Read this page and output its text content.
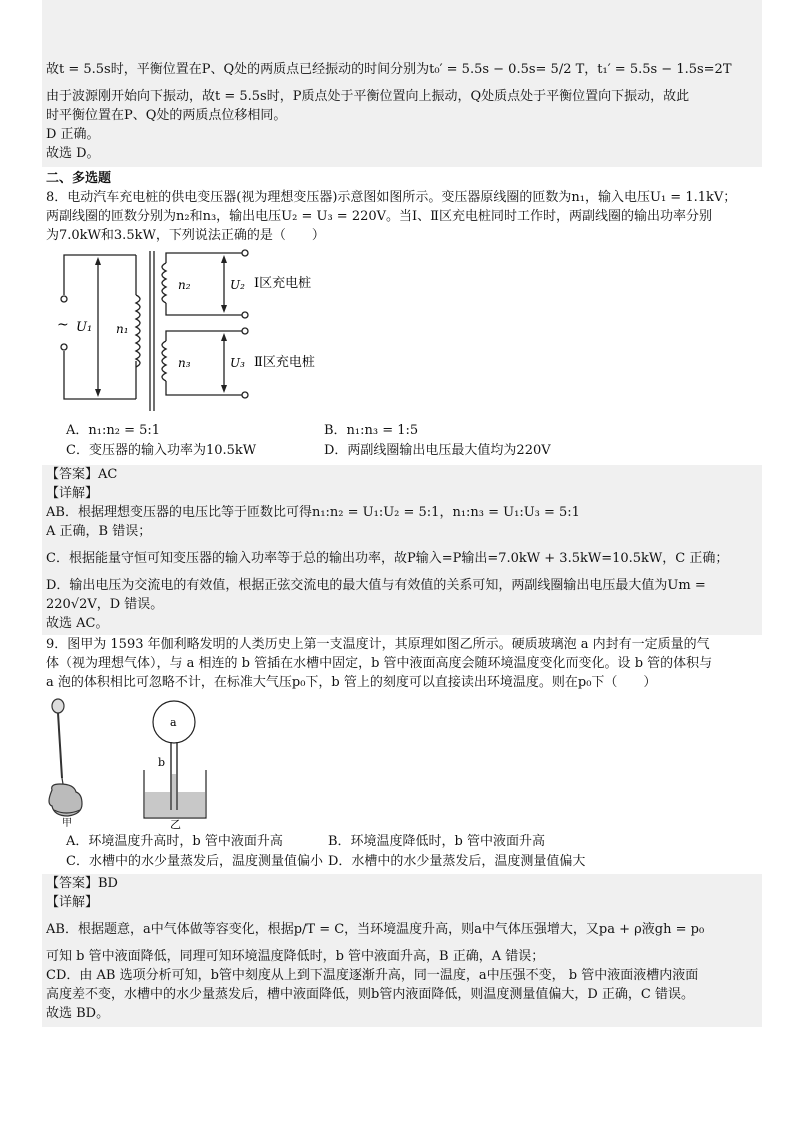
故t = 5.5s时，平衡位置在P、Q处的两质点已经振动的时间分别为t₀′ = 5.5s − 0.5s= 5/2 T，t₁′ = 5.5s − 1.5s=2T
由于波源刚开始向下振动，故t = 5.5s时，P质点处于平衡位置向上振动，Q处质点处于平衡位置向下振动，故此
时平衡位置在P、Q处的两质点位移相同。
D 正确。
故选 D。
二、多选题
8．电动汽车充电桩的供电变压器(视为理想变压器)示意图如图所示。变压器原线圈的匝数为n₁，输入电压U₁ = 1.1kV；
两副线圈的匝数分别为n₂和n₃，输出电压U₂ = U₃ = 220V。当Ⅰ、Ⅱ区充电桩同时工作时，两副线圈的输出功率分别
为7.0kW和3.5kW，下列说法正确的是（　　）
~ U₁ n₁
n₂
n₃
U₂
U₃
Ⅰ区充电桩
Ⅱ区充电桩
A．n₁:n₂ = 5:1	B．n₁:n₃ = 1:5
C．变压器的输入功率为10.5kW	D．两副线圈输出电压最大值均为220V
【答案】AC
【详解】
AB．根据理想变压器的电压比等于匝数比可得n₁:n₂ = U₁:U₂ = 5:1，n₁:n₃ = U₁:U₃ = 5:1
A 正确，B 错误；
C．根据能量守恒可知变压器的输入功率等于总的输出功率，故P输入=P输出=7.0kW + 3.5kW=10.5kW，C 正确；
D．输出电压为交流电的有效值，根据正弦交流电的最大值与有效值的关系可知，两副线圈输出电压最大值为Um =
220√2V，D 错误。
故选 AC。
9．图甲为 1593 年伽利略发明的人类历史上第一支温度计，其原理如图乙所示。硬质玻璃泡 a 内封有一定质量的气
体（视为理想气体），与 a 相连的 b 管插在水槽中固定，b 管中液面高度会随环境温度变化而变化。设 b 管的体积与
a 泡的体积相比可忽略不计，在标准大气压p₀下，b 管上的刻度可以直接读出环境温度。则在p₀下（　　）
甲
a
b
乙
A．环境温度升高时，b 管中液面升高	B．环境温度降低时，b 管中液面升高
C．水槽中的水少量蒸发后，温度测量值偏小 D．水槽中的水少量蒸发后，温度测量值偏大
【答案】BD
【详解】
AB．根据题意，a中气体做等容变化，根据p/T = C，当环境温度升高，则a中气体压强增大，又pa + ρ液gh = p₀
可知 b 管中液面降低，同理可知环境温度降低时，b 管中液面升高，B 正确，A 错误；
CD．由 AB 选项分析可知，b管中刻度从上到下温度逐渐升高，同一温度，a中压强不变， b 管中液面液槽内液面
高度差不变，水槽中的水少量蒸发后，槽中液面降低，则b管内液面降低，则温度测量值偏大，D 正确，C 错误。
故选 BD。
